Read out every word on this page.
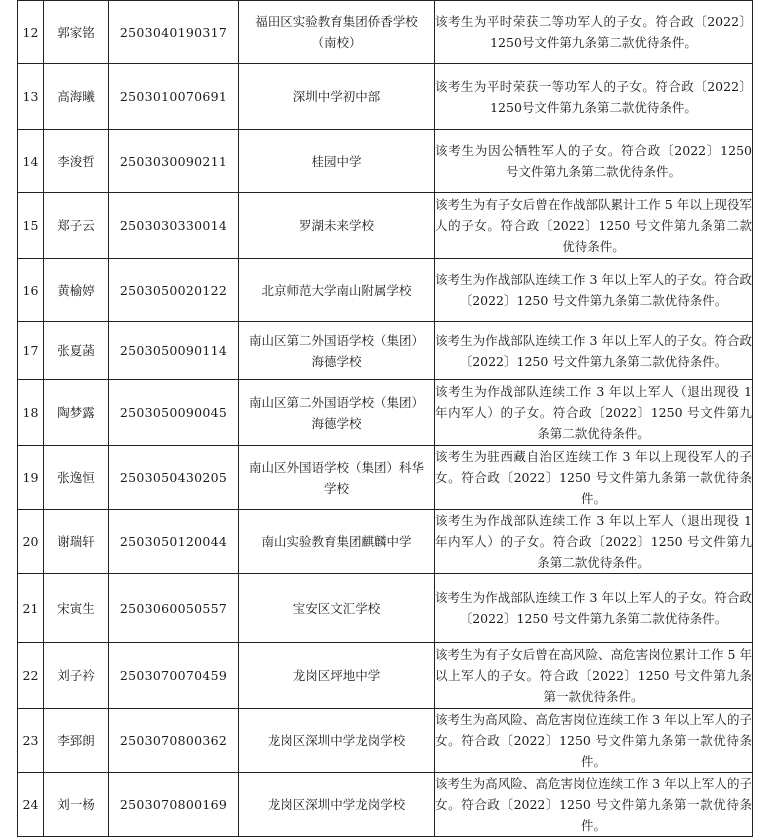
12	郭家铭	2503040190317	福田区实验教育集团侨香学校（南校）	该考生为平时荣获二等功军人的子女。符合政〔2022〕1250号文件第九条第二款优待条件。

13	高海曦	2503010070691	深圳中学初中部	该考生为平时荣获一等功军人的子女。符合政〔2022〕1250号文件第九条第二款优待条件。

14	李浚哲	2503030090211	桂园中学	该考生为因公牺牲军人的子女。符合政〔2022〕1250 号文件第九条第二款优待条件。

15	郑子云	2503030330014	罗湖未来学校	该考生为有子女后曾在作战部队累计工作 5 年以上现役军人的子女。符合政〔2022〕1250 号文件第九条第二款优待条件。

16	黄榆婷	2503050020122	北京师范大学南山附属学校	该考生为作战部队连续工作 3 年以上军人的子女。符合政〔2022〕1250 号文件第九条第二款优待条件。

17	张夏菡	2503050090114	南山区第二外国语学校（集团）海德学校	该考生为作战部队连续工作 3 年以上军人的子女。符合政〔2022〕1250 号文件第九条第二款优待条件。

18	陶梦露	2503050090045	南山区第二外国语学校（集团）海德学校	该考生为作战部队连续工作 3 年以上军人（退出现役 1 年内军人）的子女。符合政〔2022〕1250 号文件第九条第二款优待条件。

19	张逸恒	2503050430205	南山区外国语学校（集团）科华学校	该考生为驻西藏自治区连续工作 3 年以上现役军人的子女。符合政〔2022〕1250 号文件第九条第一款优待条件。

20	谢瑞轩	2503050120044	南山实验教育集团麒麟中学	该考生为作战部队连续工作 3 年以上军人（退出现役 1 年内军人）的子女。符合政〔2022〕1250 号文件第九条第二款优待条件。

21	宋寅生	2503060050557	宝安区文汇学校	该考生为作战部队连续工作 3 年以上军人的子女。符合政〔2022〕1250 号文件第九条第二款优待条件。

22	刘子衿	2503070070459	龙岗区坪地中学	该考生为有子女后曾在高风险、高危害岗位累计工作 5 年以上军人的子女。符合政〔2022〕1250 号文件第九条第一款优待条件。

23	李郅朗	2503070800362	龙岗区深圳中学龙岗学校	该考生为高风险、高危害岗位连续工作 3 年以上军人的子女。符合政〔2022〕1250 号文件第九条第一款优待条件。

24	刘一杨	2503070800169	龙岗区深圳中学龙岗学校	该考生为高风险、高危害岗位连续工作 3 年以上军人的子女。符合政〔2022〕1250 号文件第九条第一款优待条件。
